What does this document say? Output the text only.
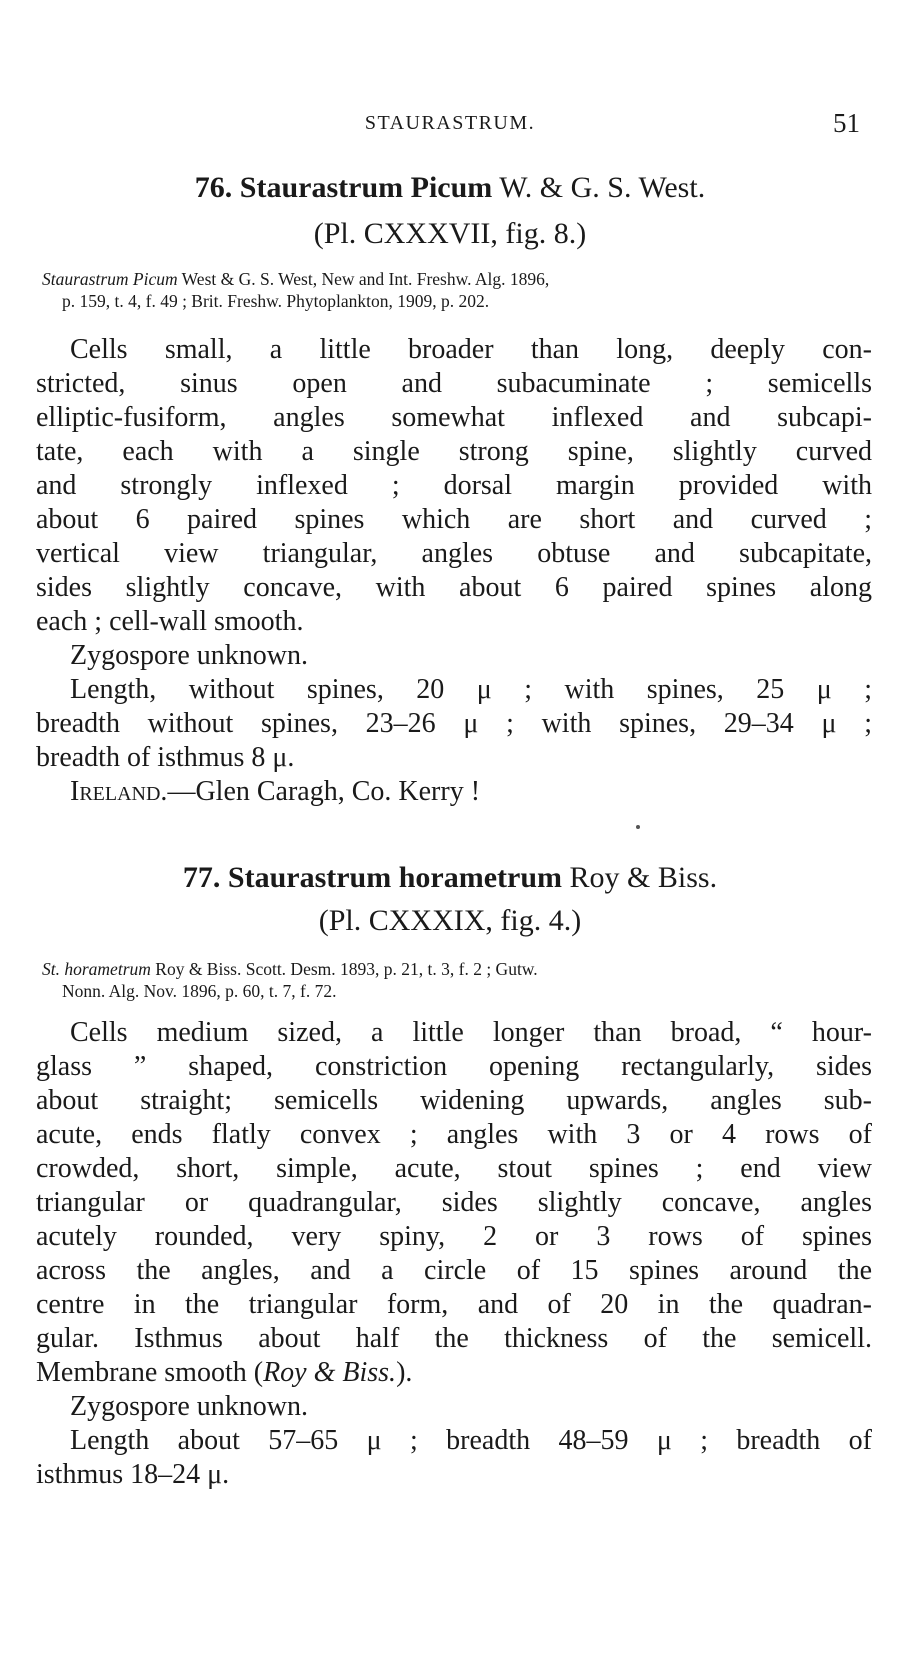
STAURASTRUM.	51
76. Staurastrum Picum W. & G. S. West.
(Pl. CXXXVII, fig. 8.)
Staurastrum Picum West & G. S. West, New and Int. Freshw. Alg. 1896,
p. 159, t. 4, f. 49 ; Brit. Freshw. Phytoplankton, 1909, p. 202.
Cells small, a little broader than long, deeply con-
stricted, sinus open and subacuminate ; semicells
elliptic-fusiform, angles somewhat inflexed and subcapi-
tate, each with a single strong spine, slightly curved
and strongly inflexed ; dorsal margin provided with
about 6 paired spines which are short and curved ;
vertical view triangular, angles obtuse and subcapitate,
sides slightly concave, with about 6 paired spines along
each ; cell-wall smooth.
Zygospore unknown.
Length, without spines, 20 μ ; with spines, 25 μ ;
breadth without spines, 23–26 μ ; with spines, 29–34 μ ;
breadth of isthmus 8 μ.
Ireland.—Glen Caragh, Co. Kerry !
77. Staurastrum horametrum Roy & Biss.
(Pl. CXXXIX, fig. 4.)
St. horametrum Roy & Biss. Scott. Desm. 1893, p. 21, t. 3, f. 2 ; Gutw.
Nonn. Alg. Nov. 1896, p. 60, t. 7, f. 72.
Cells medium sized, a little longer than broad, “ hour-
glass ” shaped, constriction opening rectangularly, sides
about straight; semicells widening upwards, angles sub-
acute, ends flatly convex ; angles with 3 or 4 rows of
crowded, short, simple, acute, stout spines ; end view
triangular or quadrangular, sides slightly concave, angles
acutely rounded, very spiny, 2 or 3 rows of spines
across the angles, and a circle of 15 spines around the
centre in the triangular form, and of 20 in the quadran-
gular. Isthmus about half the thickness of the semicell.
Membrane smooth (Roy & Biss.).
Zygospore unknown.
Length about 57–65 μ ; breadth 48–59 μ ; breadth of
isthmus 18–24 μ.
